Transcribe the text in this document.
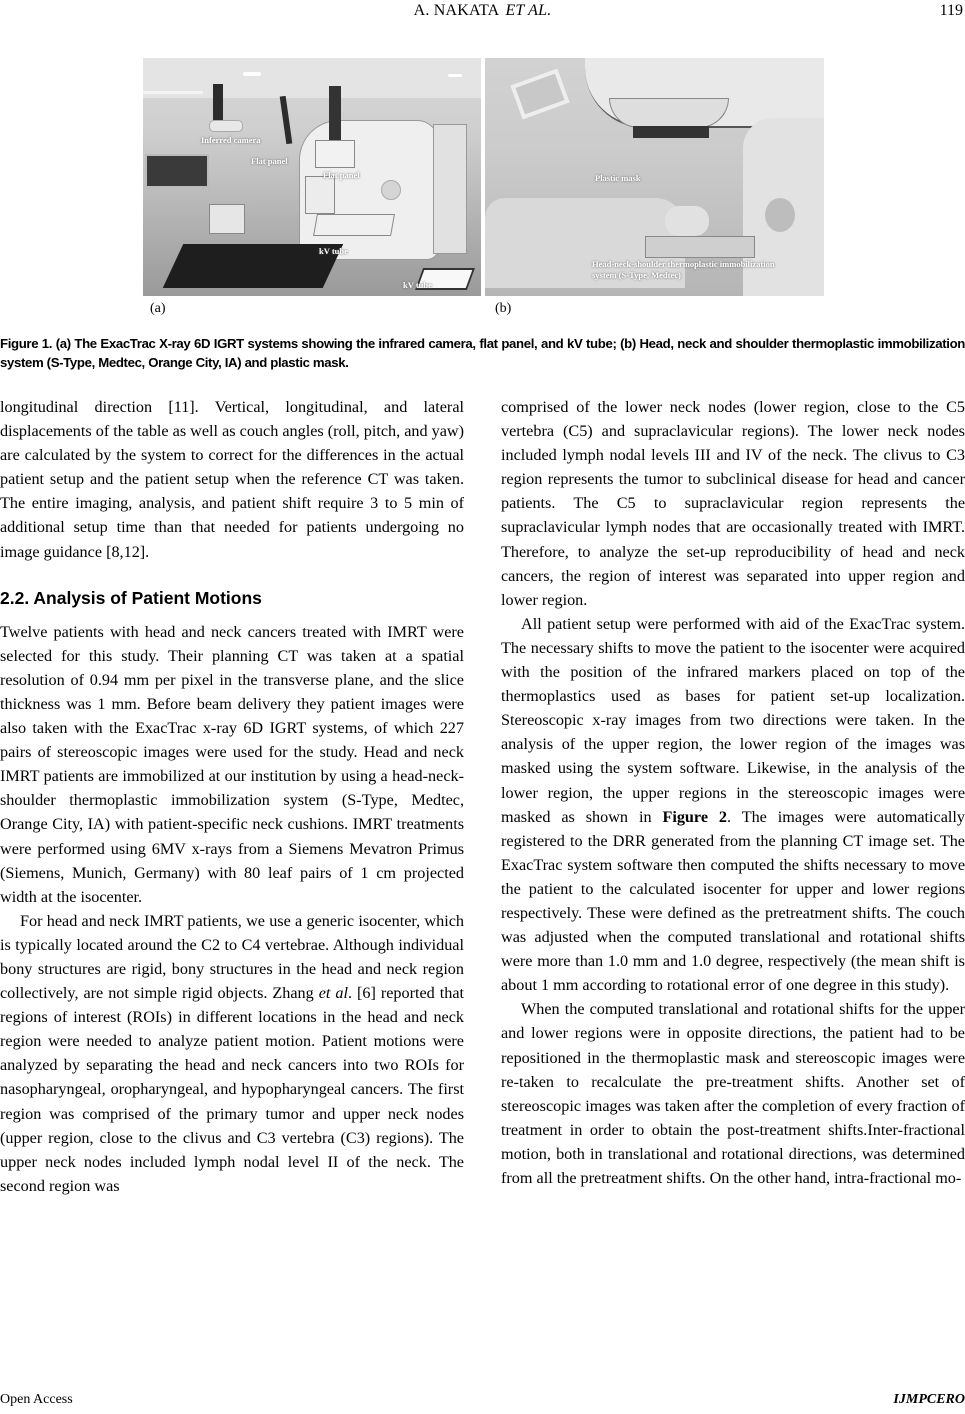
A. NAKATA ET AL.	119
Inferred camera
Flat panel
Flat panel
kV tube
kV tube
Plastic mask
Head-neck-shoulder thermoplastic immobilization
system (S-Type, Medtec)
(a)	(b)
Figure 1. (a) The ExacTrac X-ray 6D IGRT systems showing the infrared camera, flat panel, and kV tube; (b) Head, neck and shoulder thermoplastic immobilization system (S-Type, Medtec, Orange City, IA) and plastic mask.

longitudinal direction [11]. Vertical, longitudinal, and lateral displacements of the table as well as couch angles (roll, pitch, and yaw) are calculated by the system to correct for the differences in the actual patient setup and the patient setup when the reference CT was taken. The entire imaging, analysis, and patient shift require 3 to 5 min of additional setup time than that needed for patients undergoing no image guidance [8,12].

2.2. Analysis of Patient Motions

Twelve patients with head and neck cancers treated with IMRT were selected for this study. Their planning CT was taken at a spatial resolution of 0.94 mm per pixel in the transverse plane, and the slice thickness was 1 mm. Before beam delivery they patient images were also taken with the ExacTrac x-ray 6D IGRT systems, of which 227 pairs of stereoscopic images were used for the study. Head and neck IMRT patients are immobilized at our institution by using a head-neck-shoulder thermoplastic immobilization system (S-Type, Medtec, Orange City, IA) with patient-specific neck cushions. IMRT treatments were performed using 6MV x-rays from a Siemens Mevatron Primus (Siemens, Munich, Germany) with 80 leaf pairs of 1 cm projected width at the isocenter.

For head and neck IMRT patients, we use a generic isocenter, which is typically located around the C2 to C4 vertebrae. Although individual bony structures are rigid, bony structures in the head and neck region collectively, are not simple rigid objects. Zhang et al. [6] reported that regions of interest (ROIs) in different locations in the head and neck region were needed to analyze patient motion. Patient motions were analyzed by separating the head and neck cancers into two ROIs for nasopharyngeal, oropharyngeal, and hypopharyngeal cancers. The first region was comprised of the primary tumor and upper neck nodes (upper region, close to the clivus and C3 vertebra (C3) regions). The upper neck nodes included lymph nodal level II of the neck. The second region was

comprised of the lower neck nodes (lower region, close to the C5 vertebra (C5) and supraclavicular regions). The lower neck nodes included lymph nodal levels III and IV of the neck. The clivus to C3 region represents the tumor to subclinical disease for head and cancer patients. The C5 to supraclavicular region represents the supraclavicular lymph nodes that are occasionally treated with IMRT. Therefore, to analyze the set-up reproducibility of head and neck cancers, the region of interest was separated into upper region and lower region.

All patient setup were performed with aid of the ExacTrac system. The necessary shifts to move the patient to the isocenter were acquired with the position of the infrared markers placed on top of the thermoplastics used as bases for patient set-up localization. Stereoscopic x-ray images from two directions were taken. In the analysis of the upper region, the lower region of the images was masked using the system software. Likewise, in the analysis of the lower region, the upper regions in the stereoscopic images were masked as shown in Figure 2. The images were automatically registered to the DRR generated from the planning CT image set. The ExacTrac system software then computed the shifts necessary to move the patient to the calculated isocenter for upper and lower regions respectively. These were defined as the pretreatment shifts. The couch was adjusted when the computed translational and rotational shifts were more than 1.0 mm and 1.0 degree, respectively (the mean shift is about 1 mm according to rotational error of one degree in this study).

When the computed translational and rotational shifts for the upper and lower regions were in opposite directions, the patient had to be repositioned in the thermoplastic mask and stereoscopic images were re-taken to recalculate the pre-treatment shifts. Another set of stereoscopic images was taken after the completion of every fraction of treatment in order to obtain the post-treatment shifts.Inter-fractional motion, both in translational and rotational directions, was determined from all the pretreatment shifts. On the other hand, intra-fractional mo-

Open Access	IJMPCERO
